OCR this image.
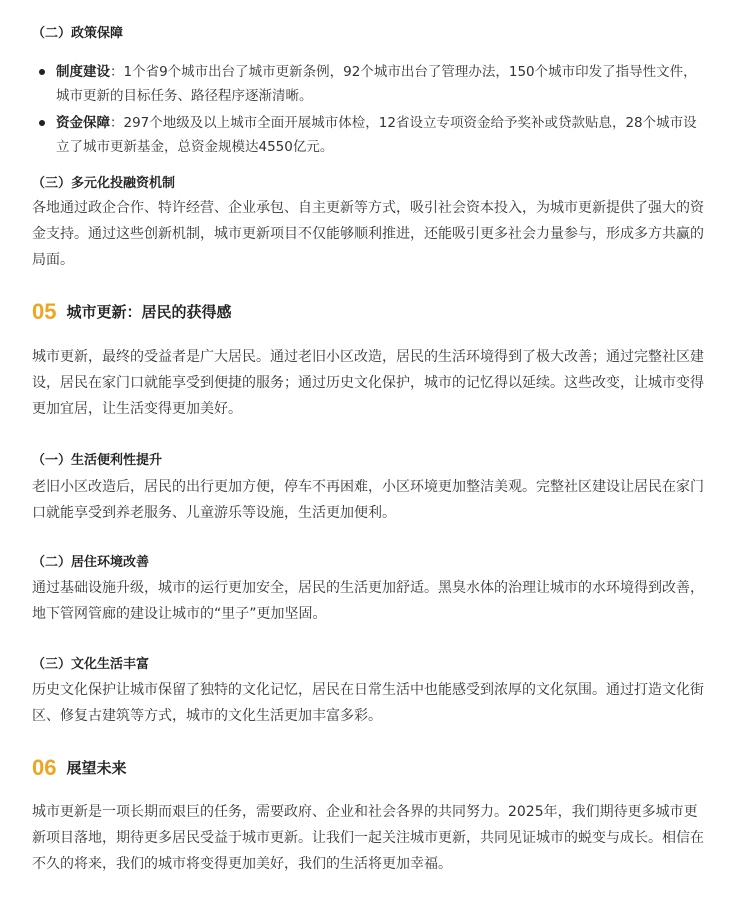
（二）政策保障
制度建设：1个省9个城市出台了城市更新条例，92个城市出台了管理办法，150个城市印发了指导性文件，城市更新的目标任务、路径程序逐渐清晰。
资金保障：297个地级及以上城市全面开展城市体检，12省设立专项资金给予奖补或贷款贴息，28个城市设立了城市更新基金，总资金规模达4550亿元。
（三）多元化投融资机制

各地通过政企合作、特许经营、企业承包、自主更新等方式，吸引社会资本投入，为城市更新提供了强大的资金支持。通过这些创新机制，城市更新项目不仅能够顺利推进，还能吸引更多社会力量参与，形成多方共赢的局面。

05 城市更新：居民的获得感

城市更新，最终的受益者是广大居民。通过老旧小区改造，居民的生活环境得到了极大改善；通过完整社区建设，居民在家门口就能享受到便捷的服务；通过历史文化保护，城市的记忆得以延续。这些改变，让城市变得更加宜居，让生活变得更加美好。

（一）生活便利性提升

老旧小区改造后，居民的出行更加方便，停车不再困难，小区环境更加整洁美观。完整社区建设让居民在家门口就能享受到养老服务、儿童游乐等设施，生活更加便利。

（二）居住环境改善

通过基础设施升级，城市的运行更加安全，居民的生活更加舒适。黑臭水体的治理让城市的水环境得到改善，地下管网管廊的建设让城市的“里子”更加坚固。

（三）文化生活丰富

历史文化保护让城市保留了独特的文化记忆，居民在日常生活中也能感受到浓厚的文化氛围。通过打造文化街区、修复古建筑等方式，城市的文化生活更加丰富多彩。

06 展望未来

城市更新是一项长期而艰巨的任务，需要政府、企业和社会各界的共同努力。2025年，我们期待更多城市更新项目落地，期待更多居民受益于城市更新。让我们一起关注城市更新，共同见证城市的蜕变与成长。相信在不久的将来，我们的城市将变得更加美好，我们的生活将更加幸福。
